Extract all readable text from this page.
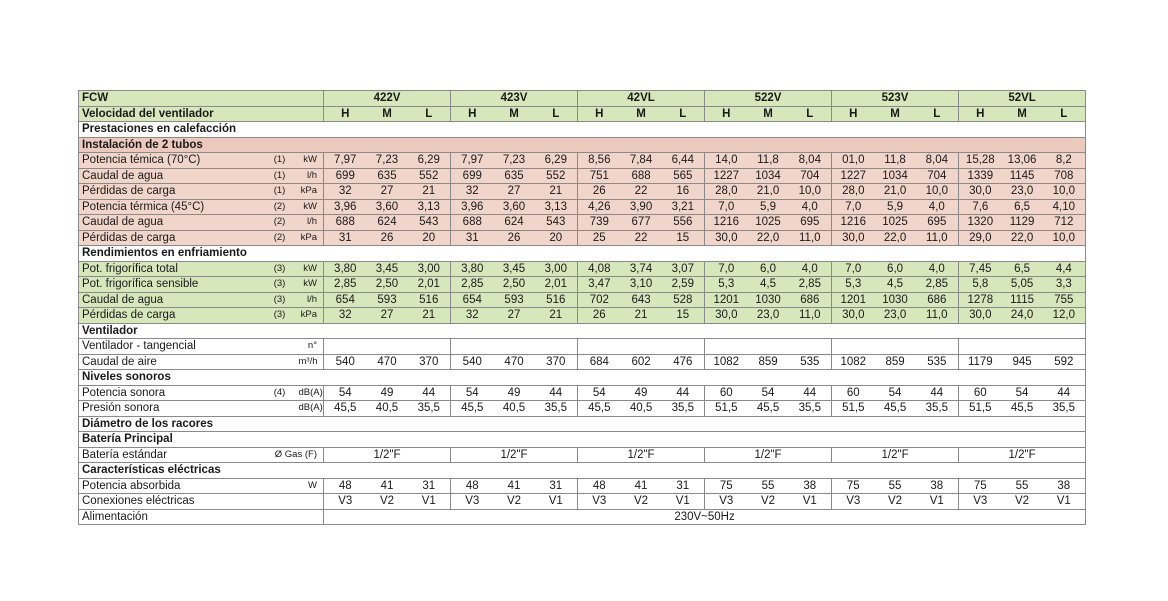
FCW			422V			423V			42VL			522V			523V			52VL		
Velocidad del ventilador			H	M	L	H	M	L	H	M	L	H	M	L	H	M	L	H	M	L
Prestaciones en calefacción																				
Instalación de 2 tubos																				
Potencia témica (70°C)	(1)	kW	7,97	7,23	6,29	7,97	7,23	6,29	8,56	7,84	6,44	14,0	11,8	8,04	01,0	11,8	8,04	15,28	13,06	8,2
Caudal de agua	(1)	l/h	699	635	552	699	635	552	751	688	565	1227	1034	704	1227	1034	704	1339	1145	708
Pérdidas de carga	(1)	kPa	32	27	21	32	27	21	26	22	16	28,0	21,0	10,0	28,0	21,0	10,0	30,0	23,0	10,0
Potencia térmica (45°C)	(2)	kW	3,96	3,60	3,13	3,96	3,60	3,13	4,26	3,90	3,21	7,0	5,9	4,0	7,0	5,9	4,0	7,6	6,5	4,10
Caudal de agua	(2)	l/h	688	624	543	688	624	543	739	677	556	1216	1025	695	1216	1025	695	1320	1129	712
Pérdidas de carga	(2)	kPa	31	26	20	31	26	20	25	22	15	30,0	22,0	11,0	30,0	22,0	11,0	29,0	22,0	10,0
Rendimientos en enfriamiento																				
Pot. frigorífica total	(3)	kW	3,80	3,45	3,00	3,80	3,45	3,00	4,08	3,74	3,07	7,0	6,0	4,0	7,0	6,0	4,0	7,45	6,5	4,4
Pot. frigorífica sensible	(3)	kW	2,85	2,50	2,01	2,85	2,50	2,01	3,47	3,10	2,59	5,3	4,5	2,85	5,3	4,5	2,85	5,8	5,05	3,3
Caudal de agua	(3)	l/h	654	593	516	654	593	516	702	643	528	1201	1030	686	1201	1030	686	1278	1115	755
Pérdidas de carga	(3)	kPa	32	27	21	32	27	21	26	21	15	30,0	23,0	11,0	30,0	23,0	11,0	30,0	24,0	12,0
Ventilador																				
Ventilador - tangencial		n°																		
Caudal de aire		m³/h	540	470	370	540	470	370	684	602	476	1082	859	535	1082	859	535	1179	945	592
Niveles sonoros																				
Potencia sonora	(4)	dB(A)	54	49	44	54	49	44	54	49	44	60	54	44	60	54	44	60	54	44
Presión sonora		dB(A)	45,5	40,5	35,5	45,5	40,5	35,5	45,5	40,5	35,5	51,5	45,5	35,5	51,5	45,5	35,5	51,5	45,5	35,5
Diámetro de los racores																				
Batería Principal																				
Batería estándar	Ø Gas (F)		1/2"F			1/2"F			1/2"F			1/2"F			1/2"F			1/2"F		
Características eléctricas																				
Potencia absorbida		W	48	41	31	48	41	31	48	41	31	75	55	38	75	55	38	75	55	38
Conexiones eléctricas			V3	V2	V1	V3	V2	V1	V3	V2	V1	V3	V2	V1	V3	V2	V1	V3	V2	V1
Alimentación			230V~50Hz																	
